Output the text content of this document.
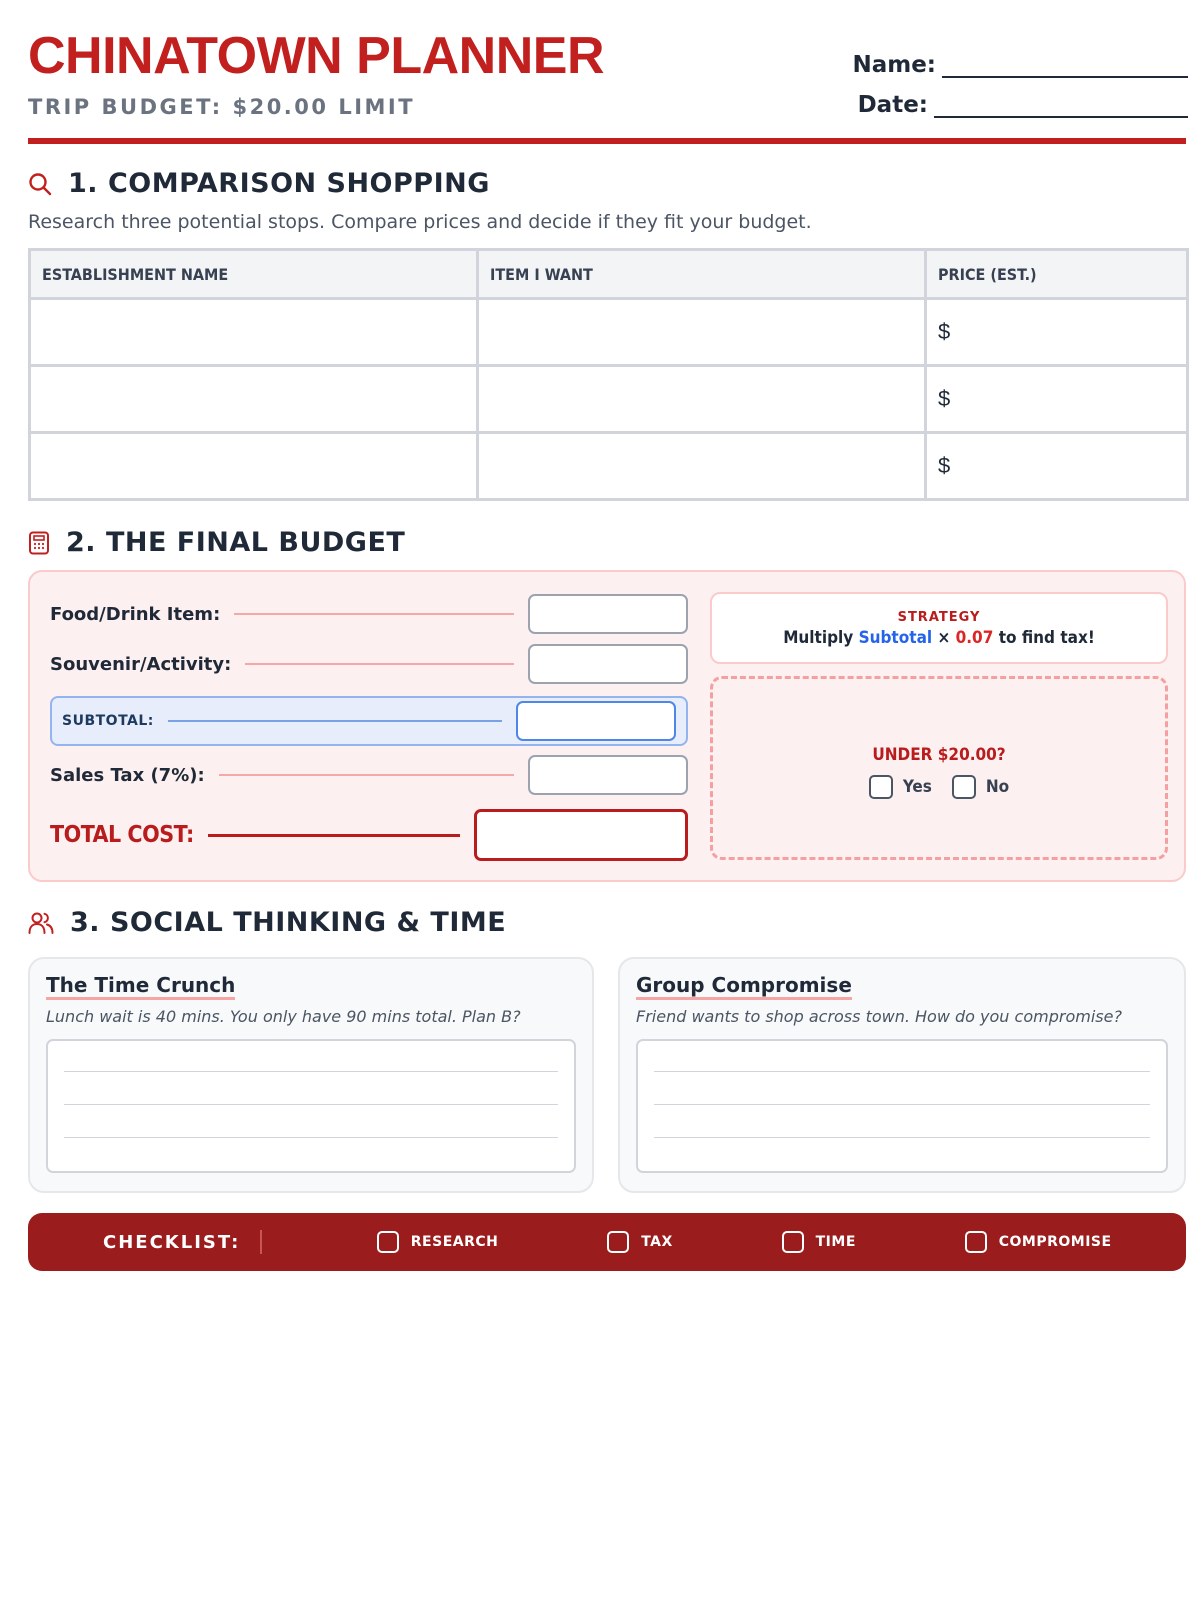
CHINATOWN PLANNER
TRIP BUDGET: $20.00 LIMIT
Name:
Date:
1. COMPARISON SHOPPING
Research three potential stops. Compare prices and decide if they fit your budget.
ESTABLISHMENT NAME	ITEM I WANT	PRICE (EST.)
		$
		$
		$
2. THE FINAL BUDGET
Food/Drink Item:
Souvenir/Activity:
SUBTOTAL:
Sales Tax (7%):
TOTAL COST:
STRATEGY
Multiply Subtotal × 0.07 to find tax!
UNDER $20.00?
Yes	No
3. SOCIAL THINKING & TIME
The Time Crunch
Lunch wait is 40 mins. You only have 90 mins total. Plan B?
Group Compromise
Friend wants to shop across town. How do you compromise?
CHECKLIST:	RESEARCH	TAX	TIME	COMPROMISE
